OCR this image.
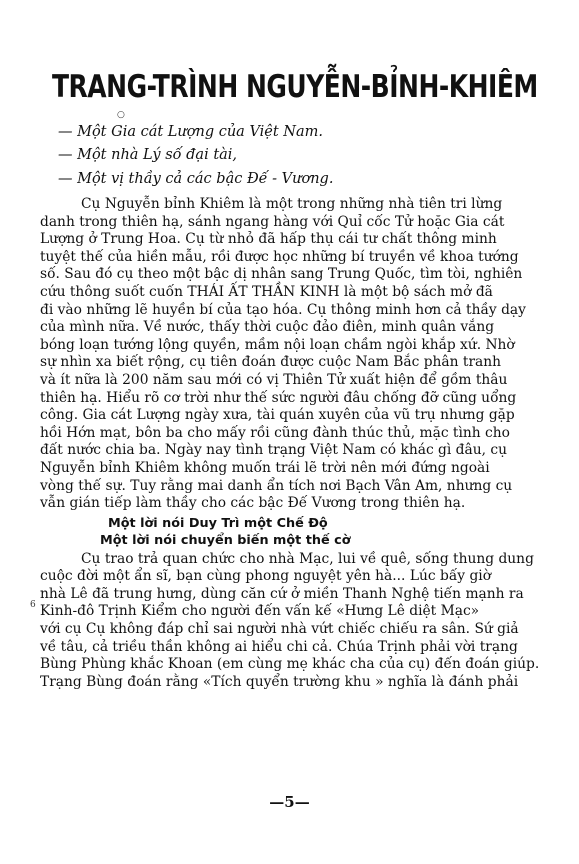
○
TRANG-TRÌNH NGUYỄN-BỈNH-KHIÊM
— Một Gia cát Lượng của Việt Nam.
— Một nhà Lý số đại tài,
— Một vị thầy cả các bậc Đế - Vương.
Cụ Nguyễn bỉnh Khiêm là một trong những nhà tiên tri lừng
danh trong thiên hạ, sánh ngang hàng với Quỉ cốc Tử hoặc Gia cát
Lượng ở Trung Hoa. Cụ từ nhỏ đã hấp thụ cái tư chất thông minh
tuyệt thế của hiền mẫu, rồi được học những bí truyền về khoa tướng
số. Sau đó cụ theo một bậc dị nhân sang Trung Quốc, tìm tòi, nghiên
cứu thông suốt cuốn THÁI ẤT THẦN KINH là một bộ sách mở đã
đi vào những lẽ huyền bí của tạo hóa. Cụ thông minh hơn cả thầy dạy
của mình nữa. Về nước, thấy thời cuộc đảo điên, minh quân vắng
bóng loạn tướng lộng quyền, mầm nội loạn chầm ngòi khắp xứ. Nhờ
sự nhìn xa biết rộng, cụ tiên đoán được cuộc Nam Bắc phân tranh
và ít nữa là 200 năm sau mới có vị Thiên Tử xuất hiện để gồm thâu
thiên hạ. Hiểu rõ cơ trời như thế sức người đâu chống đỡ cũng uổng
công. Gia cát Lượng ngày xưa, tài quán xuyên của vũ trụ nhưng gặp
hồi Hớn mạt, bôn ba cho mấy rồi cũng đành thúc thủ, mặc tình cho
đất nước chia ba. Ngày nay tình trạng Việt Nam có khác gì đâu, cụ
Nguyễn bỉnh Khiêm không muốn trái lẽ trời nên mới đứng ngoài
vòng thế sự. Tuy rằng mai danh ẩn tích nơi Bạch Vân Am, nhưng cụ
vẫn gián tiếp làm thầy cho các bậc Đế Vương trong thiên hạ.
Một lời nói Duy Trì một Chế Độ
Một lời nói chuyển biến một thế cờ
Cụ trao trả quan chức cho nhà Mạc, lui về quê, sống thung dung
cuộc đời một ẩn sĩ, bạn cùng phong nguyệt yên hà... Lúc bấy giờ
nhà Lê đã trung hưng, dùng căn cứ ở miền Thanh Nghệ tiến mạnh ra
Kinh-đô Trịnh Kiểm cho người đến vấn kế «Hưng Lê diệt Mạc»
với cụ Cụ không đáp chỉ sai người nhà vứt chiếc chiếu ra sân. Sứ giả
về tâu, cả triều thần không ai hiểu chi cả. Chúa Trịnh phải vời trạng
Bùng Phùng khắc Khoan (em cùng mẹ khác cha của cụ) đến đoán giúp.
Trạng Bùng đoán rằng «Tích quyển trường khu » nghĩa là đánh phải
6
—5—
